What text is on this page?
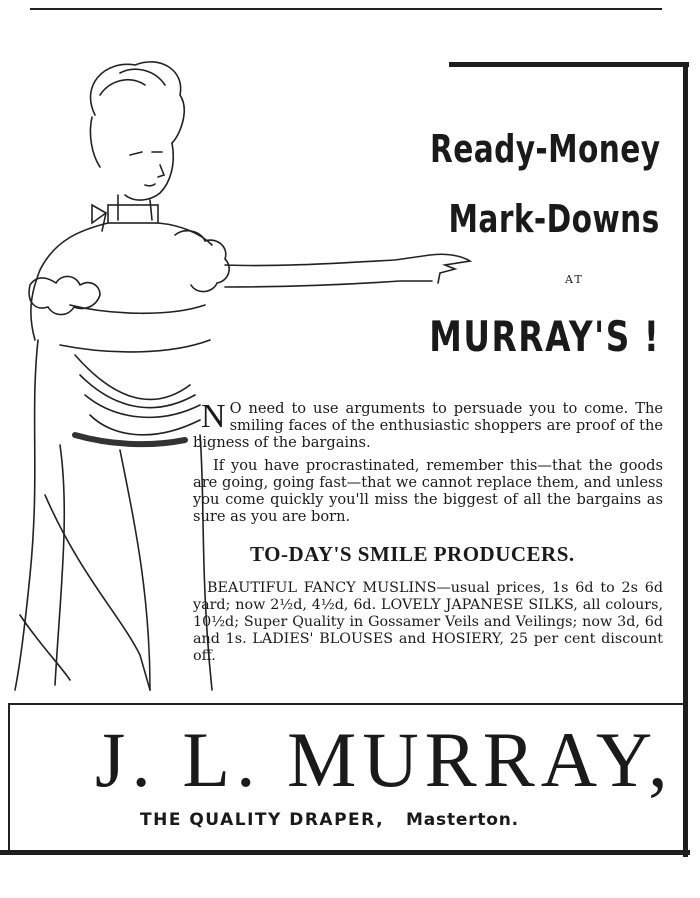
Ready-Money
Mark-Downs
AT
MURRAY'S !
N O need to use arguments to persuade you to come. The smiling faces of the enthusiastic shoppers are proof of the bigness of the bargains.
If you have procrastinated, remember this—that the goods are going, going fast—that we cannot replace them, and unless you come quickly you'll miss the biggest of all the bargains as sure as you are born.
TO-DAY'S SMILE PRODUCERS.
BEAUTIFUL FANCY MUSLINS—usual prices, 1s 6d to 2s 6d yard; now 2½d, 4½d, 6d. LOVELY JAPANESE SILKS, all colours, 10½d; Super Quality in Gossamer Veils and Veilings; now 3d, 6d and 1s. LADIES' BLOUSES and HOSIERY, 25 per cent discount off.
J. L. MURRAY,
THE QUALITY DRAPER, Masterton.
